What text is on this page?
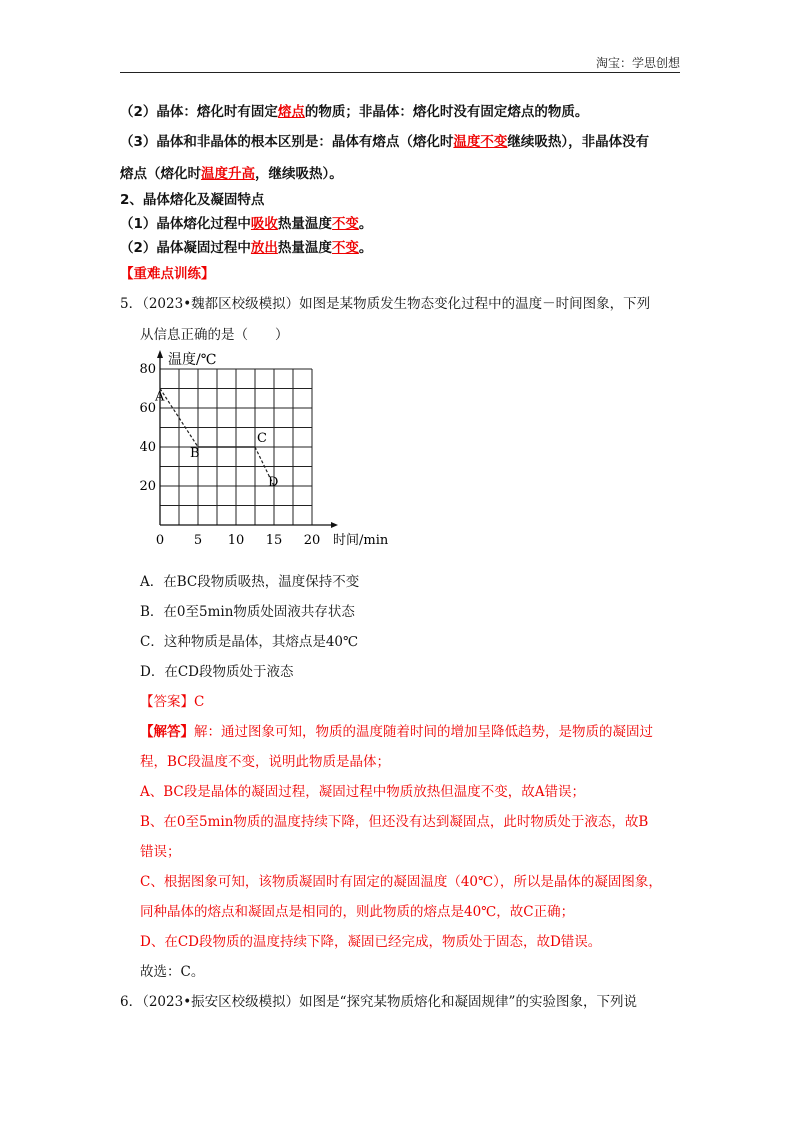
淘宝：学思创想
（2）晶体：熔化时有固定熔点的物质；非晶体：熔化时没有固定熔点的物质。
（3）晶体和非晶体的根本区别是：晶体有熔点（熔化时温度不变继续吸热），非晶体没有
熔点（熔化时温度升高，继续吸热）。
2、晶体熔化及凝固特点
（1）晶体熔化过程中吸收热量温度不变。
（2）晶体凝固过程中放出热量温度不变。
【重难点训练】
5．（2023•魏都区校级模拟）如图是某物质发生物态变化过程中的温度－时间图象，下列
从信息正确的是（　　）
温度/℃
时间/min
0 5 10 15 20
20
40
60
80
A
B
C
D
A．在BC段物质吸热，温度保持不变
B．在0至5min物质处固液共存状态
C．这种物质是晶体，其熔点是40℃
D．在CD段物质处于液态
【答案】C
【解答】解：通过图象可知，物质的温度随着时间的增加呈降低趋势，是物质的凝固过
程，BC段温度不变，说明此物质是晶体；
A、BC段是晶体的凝固过程，凝固过程中物质放热但温度不变，故A错误；
B、在0至5min物质的温度持续下降，但还没有达到凝固点，此时物质处于液态，故B
错误；
C、根据图象可知，该物质凝固时有固定的凝固温度（40℃），所以是晶体的凝固图象，
同种晶体的熔点和凝固点是相同的，则此物质的熔点是40℃，故C正确；
D、在CD段物质的温度持续下降，凝固已经完成，物质处于固态，故D错误。
故选：C。
6．（2023•振安区校级模拟）如图是“探究某物质熔化和凝固规律”的实验图象，下列说
